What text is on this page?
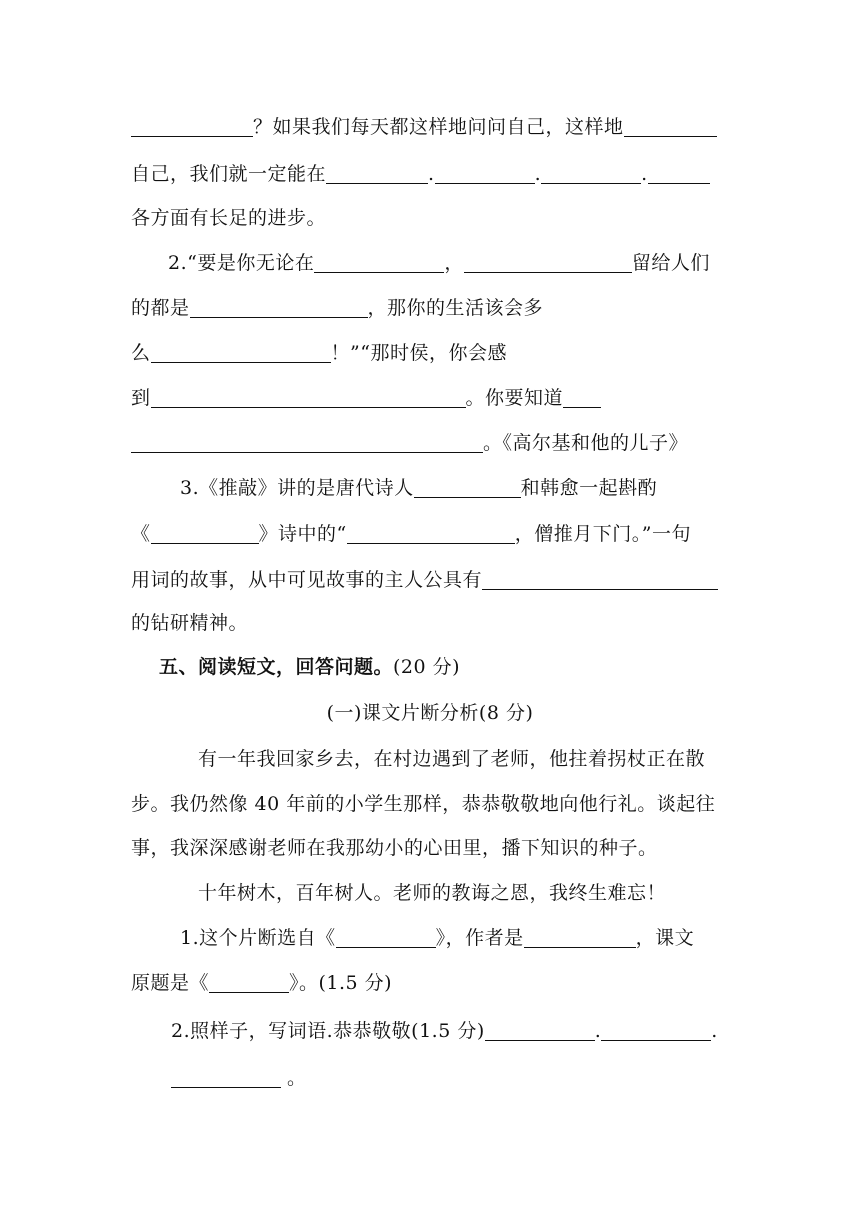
？如果我们每天都这样地问问自己，这样地
自己，我们就一定能在	.	.	.
各方面有长足的进步。
2.“要是你无论在	，	留给人们
的都是	，那你的生活该会多
么	！”“那时侯，你会感
到	。你要知道
。《高尔基和他的儿子》
3.《推敲》讲的是唐代诗人	和韩愈一起斟酌
《	》诗中的“	，僧推月下门。”一句
用词的故事，从中可见故事的主人公具有
的钻研精神。
五、阅读短文，回答问题。(20 分)
(一)课文片断分析(8 分)
有一年我回家乡去，在村边遇到了老师，他拄着拐杖正在散
步。我仍然像 40 年前的小学生那样，恭恭敬敬地向他行礼。谈起往
事，我深深感谢老师在我那幼小的心田里，播下知识的种子。
十年树木，百年树人。老师的教诲之恩，我终生难忘！
1.这个片断选自《	》，作者是	，课文
原题是《	》。(1.5 分)
2.照样子，写词语.恭恭敬敬(1.5 分)	.	.
。
